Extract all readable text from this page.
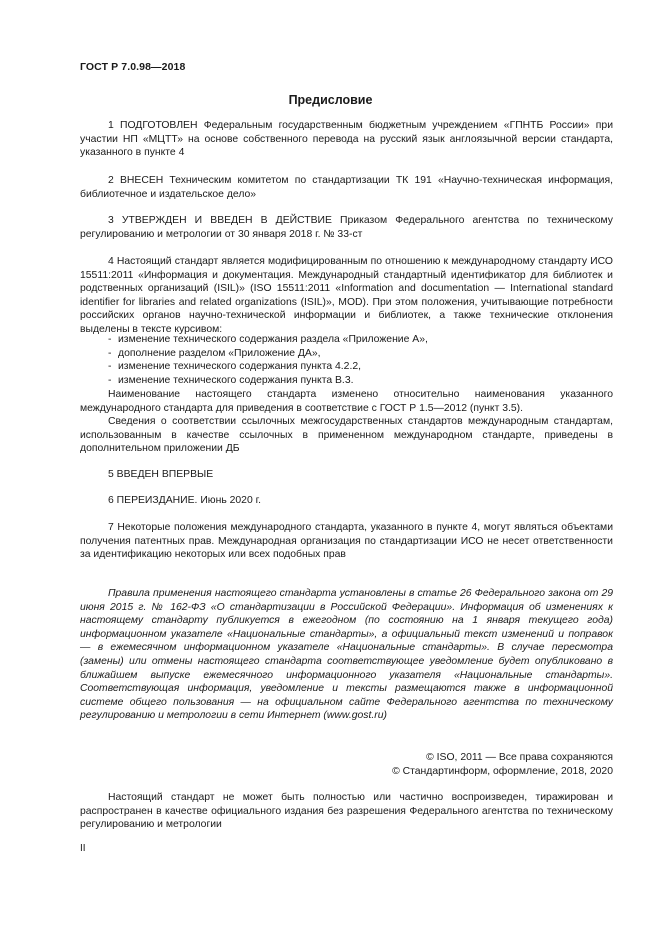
ГОСТ Р 7.0.98—2018
Предисловие

1 ПОДГОТОВЛЕН Федеральным государственным бюджетным учреждением «ГПНТБ России» при участии НП «МЦТТ» на основе собственного перевода на русский язык англоязычной версии стандарта, указанного в пункте 4

2 ВНЕСЕН Техническим комитетом по стандартизации ТК 191 «Научно-техническая информация, библиотечное и издательское дело»

3 УТВЕРЖДЕН И ВВЕДЕН В ДЕЙСТВИЕ Приказом Федерального агентства по техническому регулированию и метрологии от 30 января 2018 г. № 33-ст

4 Настоящий стандарт является модифицированным по отношению к международному стандарту ИСО 15511:2011 «Информация и документация. Международный стандартный идентификатор для библиотек и родственных организаций (ISIL)» (ISO 15511:2011 «Information and documentation — International standard identifier for libraries and related organizations (ISIL)», MOD). При этом положения, учитывающие потребности российских органов научно-технической информации и библиотек, а также технические отклонения выделены в тексте курсивом:

- изменение технического содержания раздела «Приложение А»,
- дополнение разделом «Приложение ДА»,
- изменение технического содержания пункта 4.2.2,
- изменение технического содержания пункта В.3.

Наименование настоящего стандарта изменено относительно наименования указанного международного стандарта для приведения в соответствие с ГОСТ Р 1.5—2012 (пункт 3.5).

Сведения о соответствии ссылочных межгосударственных стандартов международным стандартам, использованным в качестве ссылочных в примененном международном стандарте, приведены в дополнительном приложении ДБ

5 ВВЕДЕН ВПЕРВЫЕ

6 ПЕРЕИЗДАНИЕ. Июнь 2020 г.

7 Некоторые положения международного стандарта, указанного в пункте 4, могут являться объектами получения патентных прав. Международная организация по стандартизации ИСО не несет ответственности за идентификацию некоторых или всех подобных прав

Правила применения настоящего стандарта установлены в статье 26 Федерального закона от 29 июня 2015 г. № 162-ФЗ «О стандартизации в Российской Федерации». Информация об изменениях к настоящему стандарту публикуется в ежегодном (по состоянию на 1 января текущего года) информационном указателе «Национальные стандарты», а официальный текст изменений и поправок — в ежемесячном информационном указателе «Национальные стандарты». В случае пересмотра (замены) или отмены настоящего стандарта соответствующее уведомление будет опубликовано в ближайшем выпуске ежемесячного информационного указателя «Национальные стандарты». Соответствующая информация, уведомление и тексты размещаются также в информационной системе общего пользования — на официальном сайте Федерального агентства по техническому регулированию и метрологии в сети Интернет (www.gost.ru)

© ISO, 2011 — Все права сохраняются
© Стандартинформ, оформление, 2018, 2020

Настоящий стандарт не может быть полностью или частично воспроизведен, тиражирован и распространен в качестве официального издания без разрешения Федерального агентства по техническому регулированию и метрологии

II
